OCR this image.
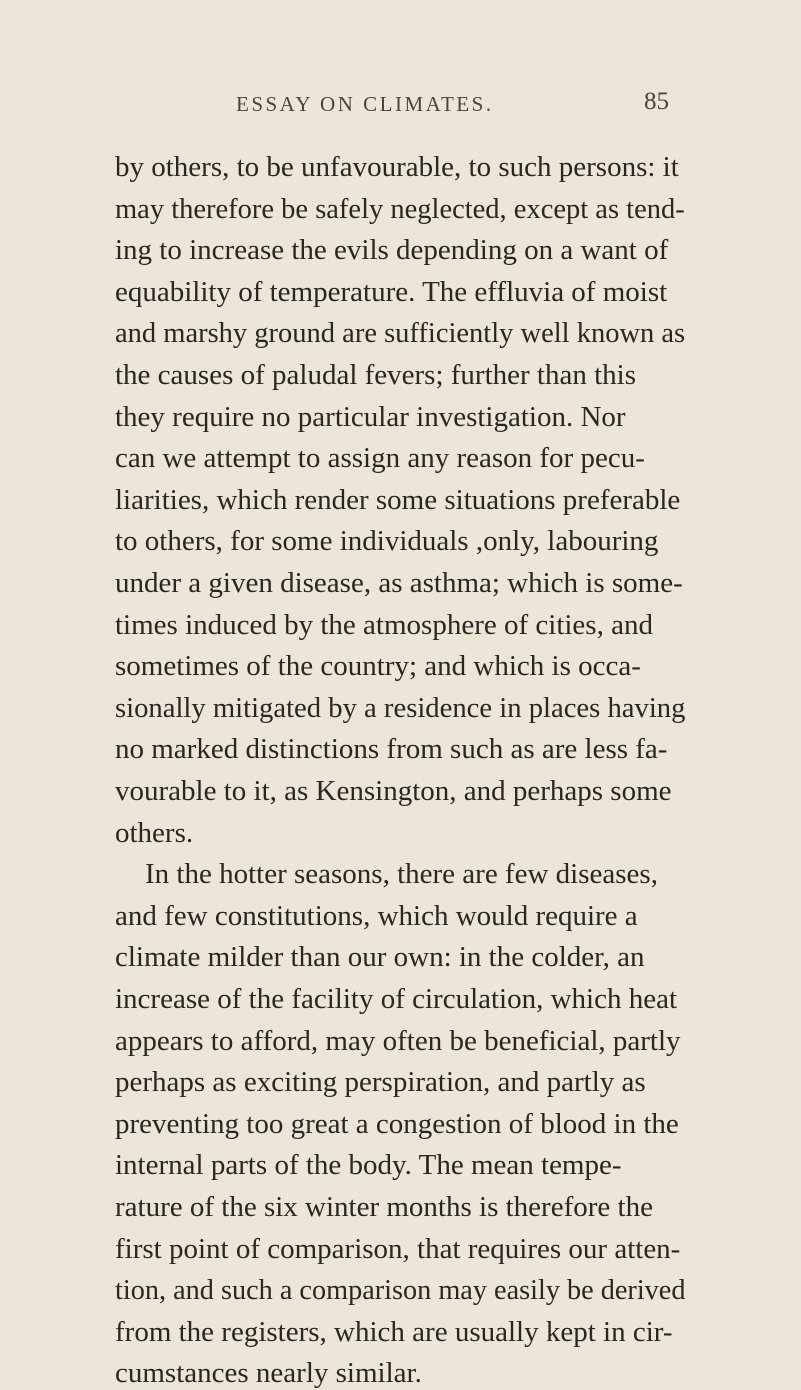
ESSAY ON CLIMATES.	85
by others, to be unfavourable, to such persons: it
may therefore be safely neglected, except as tend-
ing to increase the evils depending on a want of
equability of temperature. The effluvia of moist
and marshy ground are sufficiently well known as
the causes of paludal fevers; further than this
they require no particular investigation. Nor
can we attempt to assign any reason for pecu-
liarities, which render some situations preferable
to others, for some individuals ,only, labouring
under a given disease, as asthma; which is some-
times induced by the atmosphere of cities, and
sometimes of the country; and which is occa-
sionally mitigated by a residence in places having
no marked distinctions from such as are less fa-
vourable to it, as Kensington, and perhaps some
others.
In the hotter seasons, there are few diseases,
and few constitutions, which would require a
climate milder than our own: in the colder, an
increase of the facility of circulation, which heat
appears to afford, may often be beneficial, partly
perhaps as exciting perspiration, and partly as
preventing too great a congestion of blood in the
internal parts of the body. The mean tempe-
rature of the six winter months is therefore the
first point of comparison, that requires our atten-
tion, and such a comparison may easily be derived
from the registers, which are usually kept in cir-
cumstances nearly similar.
